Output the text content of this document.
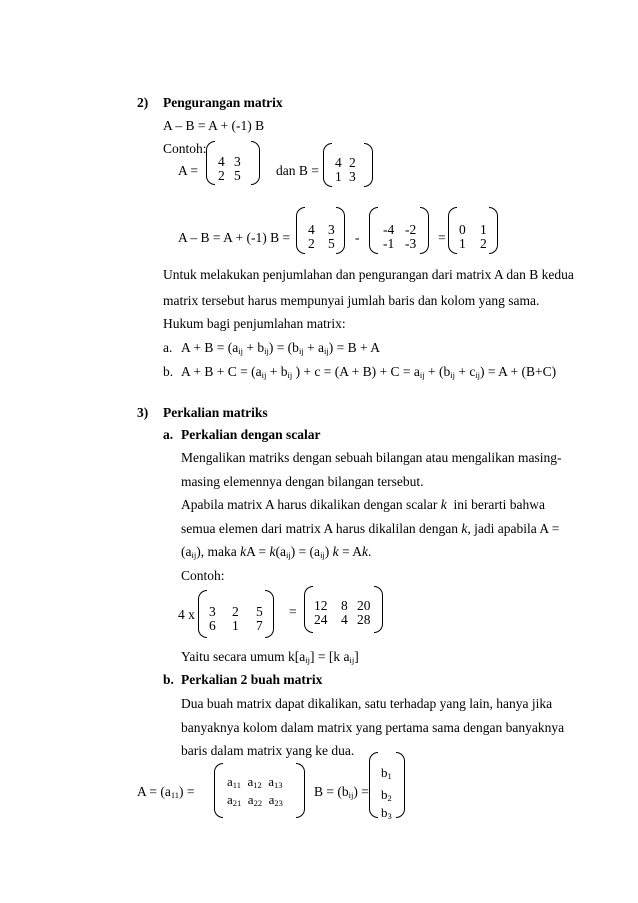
2) Pengurangan matrix
A – B = A + (-1) B
Contoh:
A =
4 3
2 5	dan B =
4 2
1 3
A – B = A + (-1) B =
4 3
2 5	-
-4 -2
-1 -3	=
0	1
1	2
Untuk melakukan penjumlahan dan pengurangan dari matrix A dan B kedua
matrix tersebut harus mempunyai jumlah baris dan kolom yang sama.
Hukum bagi penjumlahan matrix:
a. $A + B = (a_{ij} + b_{ij}) = (b_{ij} + a_{ij}) = B + A$
b. $A + B + C = (a_{ij} + b_{ij}$ ) + $c = (A + B) + C = a_{ij} + (b_{ij} + c_{ij}) = A + (B+C)$
3) Perkalian matriks
a. Perkalian dengan scalar
Mengalikan matriks dengan sebuah bilangan atau mengalikan masing-
masing elemennya dengan bilangan tersebut.
Apabila matrix A harus dikalikan dengan scalar k ini berarti bahwa
semua elemen dari matrix A harus dikalilan dengan k, jadi apabila A =
$(a_{ij})$, maka kA = $k(a_{ij}) = (a_{ij}) k = Ak$.
Contoh:
4 x 3	2	5
6	1	7
= 12	8 20
24	4 28
Yaitu secara umum $k[a_{ij}] = [k$ $a_{ij}$]
b. Perkalian 2 buah matrix
Dua buah matrix dapat dikalikan, satu terhadap yang lain, hanya jika
banyaknya kolom dalam matrix yang pertama sama dengan banyaknya
baris dalam matrix yang ke dua.
$A = (a_{11})$ =
$a_{11}$  $a_{12}$  $a_{13}$
$a_{21}$  $a_{22}$  $a_{23}$
$B = (b_{ij})$ =
$b_1$
$b_2$
$b_3$
